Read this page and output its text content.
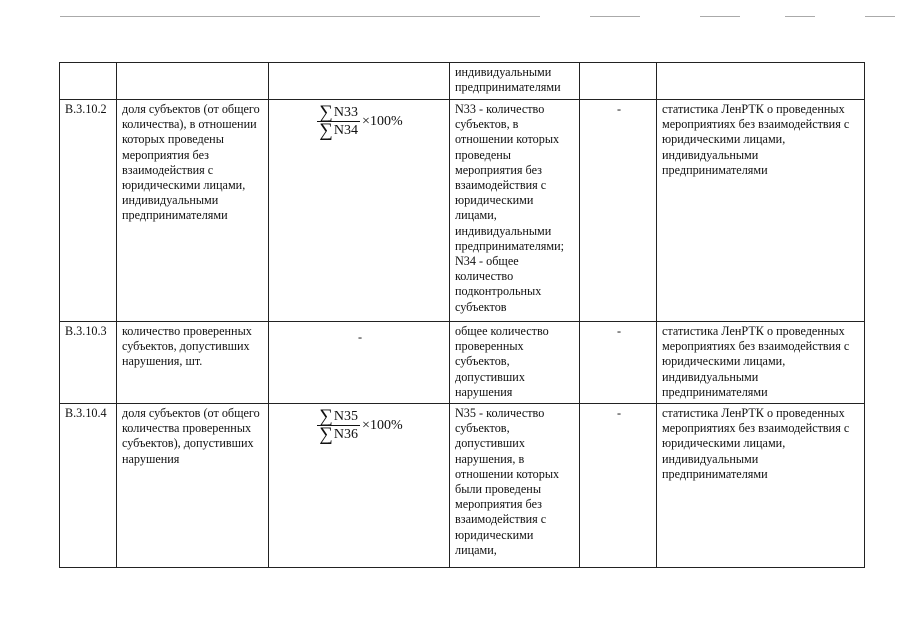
			индивидуальными предпринимателями		
В.3.10.2	доля субъектов (от общего количества), в отношении которых проведены мероприятия без взаимодействия с юридическими лицами, индивидуальными предпринимателями	$\frac{\sum N33}{\sum N34} \times 100\%$	N33 - количество субъектов, в отношении которых проведены мероприятия без взаимодействия с юридическими лицами, индивидуальными предпринимателями; N34 - общее количество подконтрольных субъектов	-	статистика ЛенРТК о проведенных мероприятиях без взаимодействия с юридическими лицами, индивидуальными предпринимателями
В.3.10.3	количество проверенных субъектов, допустивших нарушения, шт.	-	общее количество проверенных субъектов, допустивших нарушения	-	статистика ЛенРТК о проведенных мероприятиях без взаимодействия с юридическими лицами, индивидуальными предпринимателями
В.3.10.4	доля субъектов (от общего количества проверенных субъектов), допустивших нарушения	$\frac{\sum N35}{\sum N36} \times 100\%$	N35 - количество субъектов, допустивших нарушения, в отношении которых были проведены мероприятия без взаимодействия с юридическими лицами,	-	статистика ЛенРТК о проведенных мероприятиях без взаимодействия с юридическими лицами, индивидуальными предпринимателями
